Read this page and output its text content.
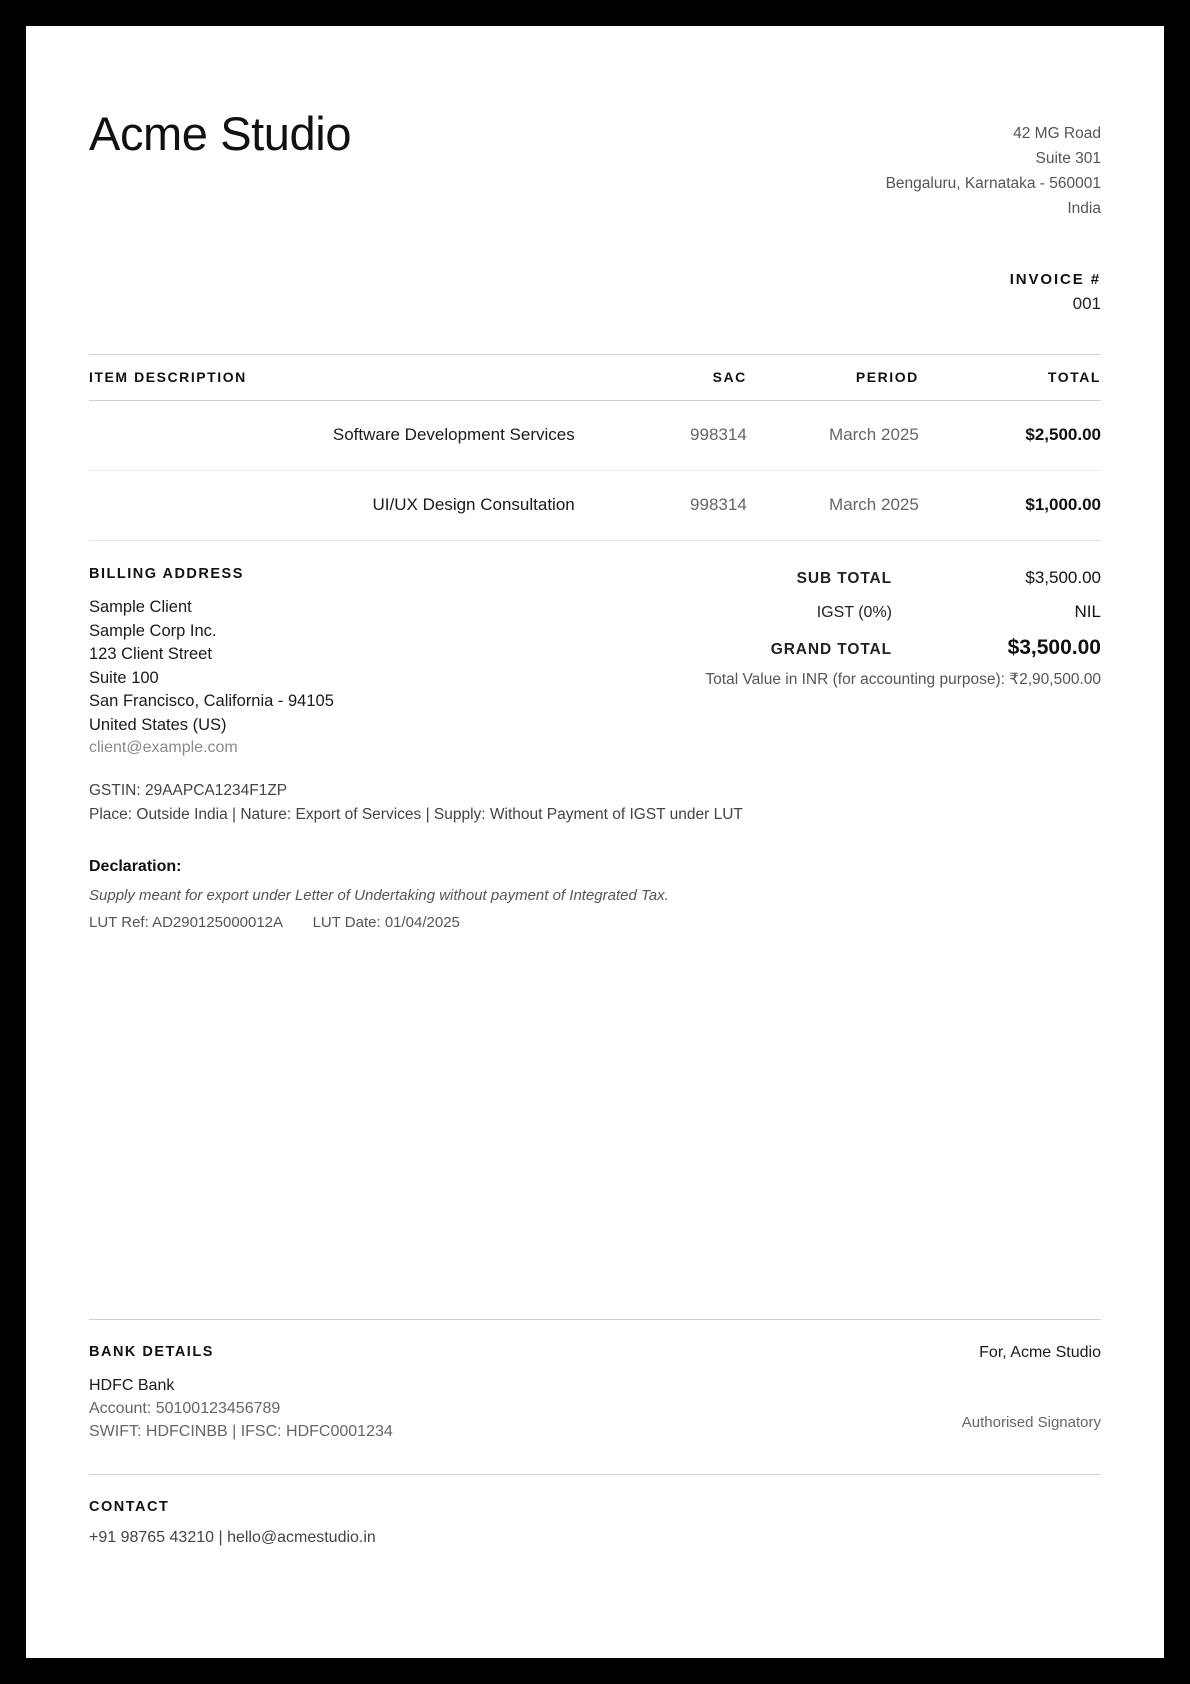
Acme Studio	42 MG Road
Suite 301
Bengaluru, Karnataka - 560001
India
INVOICE #
001
ITEM DESCRIPTION	SAC	PERIOD	TOTAL
Software Development Services	998314	March 2025	$2,500.00
UI/UX Design Consultation	998314	March 2025	$1,000.00
BILLING ADDRESS
Sample Client
Sample Corp Inc.
123 Client Street
Suite 100
San Francisco, California - 94105
United States (US)
client@example.com
SUB TOTAL	$3,500.00
IGST (0%)	NIL
GRAND TOTAL	$3,500.00
Total Value in INR (for accounting purpose): ₹2,90,500.00
GSTIN: 29AAPCA1234F1ZP
Place: Outside India | Nature: Export of Services | Supply: Without Payment of IGST under LUT
Declaration:
Supply meant for export under Letter of Undertaking without payment of Integrated Tax.
LUT Ref: AD290125000012A LUT Date: 01/04/2025
BANK DETAILS
HDFC Bank
Account: 50100123456789
SWIFT: HDFCINBB | IFSC: HDFC0001234
For, Acme Studio
Authorised Signatory
CONTACT
+91 98765 43210 | hello@acmestudio.in
